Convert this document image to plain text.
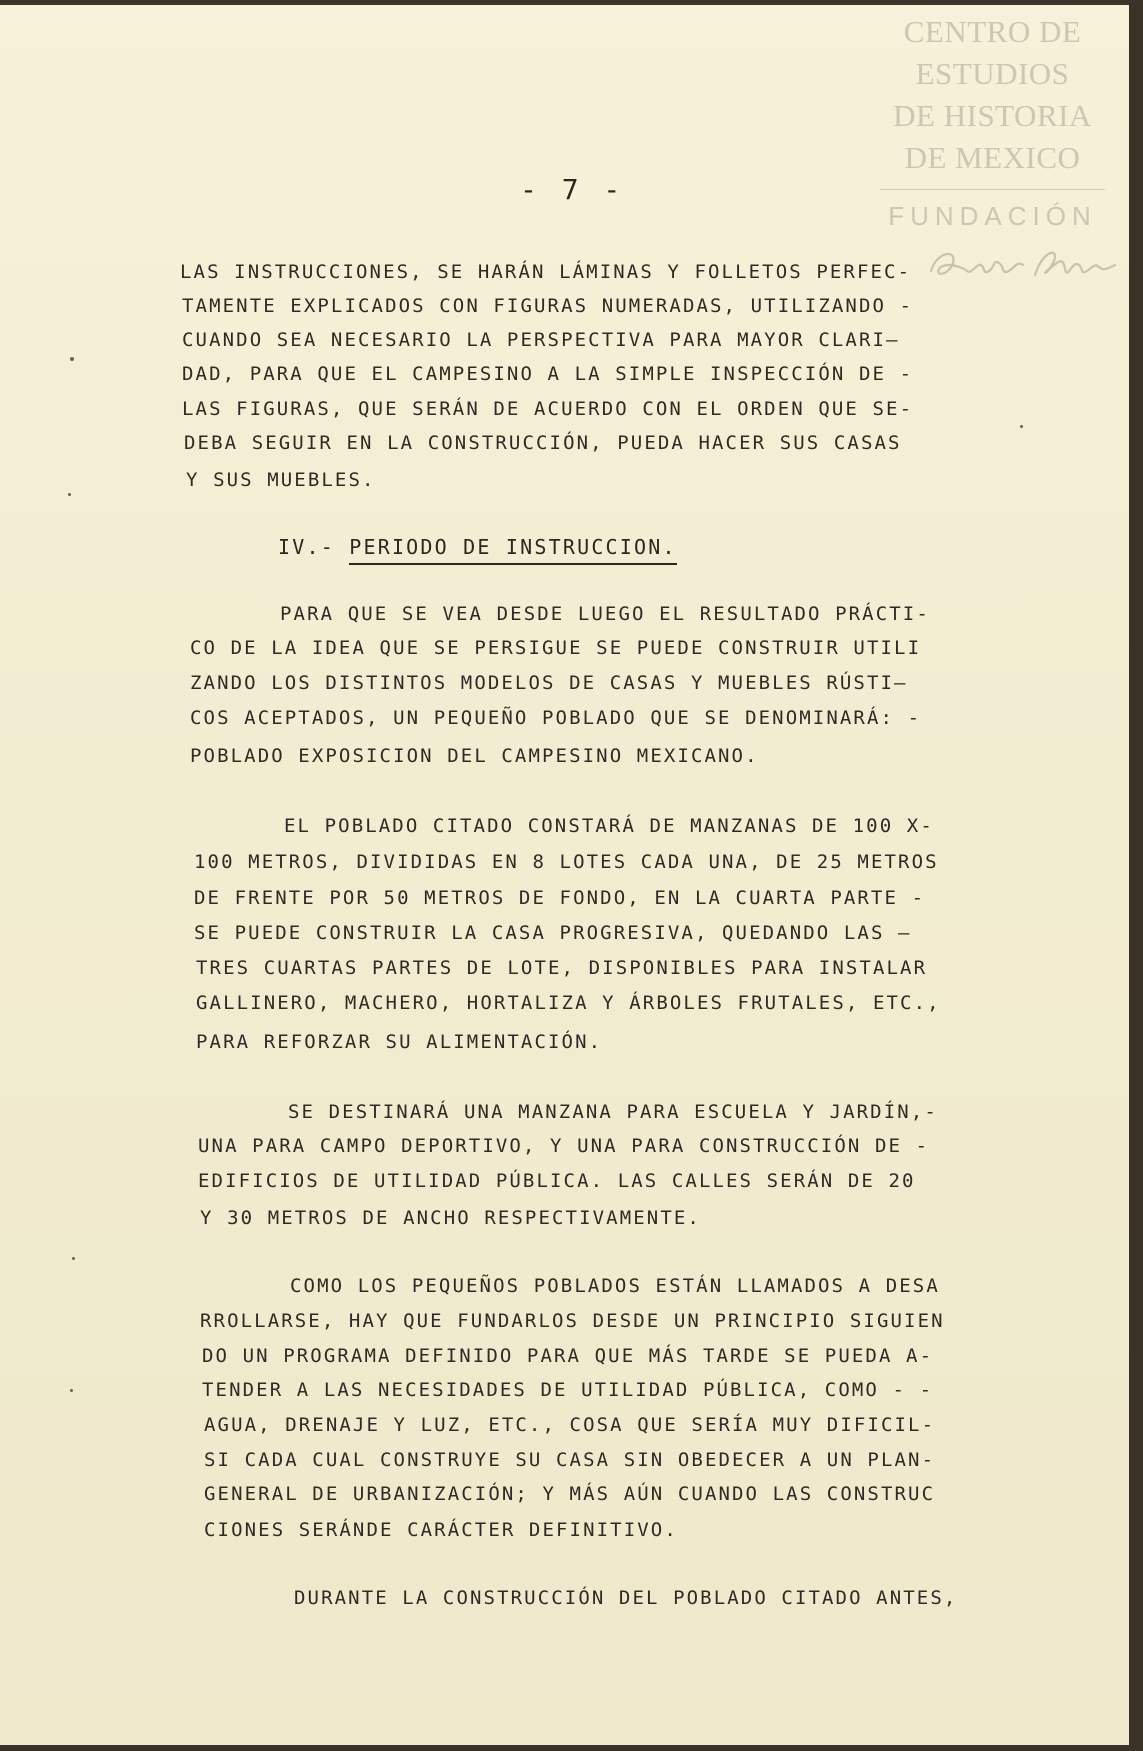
CENTRO DE
ESTUDIOS
DE HISTORIA
DE MEXICO
FUNDACIÓN
- 7 -
LAS INSTRUCCIONES, SE HARÁN LÁMINAS Y FOLLETOS PERFEC-
TAMENTE EXPLICADOS CON FIGURAS NUMERADAS, UTILIZANDO -
CUANDO SEA NECESARIO LA PERSPECTIVA PARA MAYOR CLARI—
DAD, PARA QUE EL CAMPESINO A LA SIMPLE INSPECCIÓN DE -
LAS FIGURAS, QUE SERÁN DE ACUERDO CON EL ORDEN QUE SE-
DEBA SEGUIR EN LA CONSTRUCCIÓN, PUEDA HACER SUS CASAS
Y SUS MUEBLES.
IV.- PERIODO DE INSTRUCCION.
PARA QUE SE VEA DESDE LUEGO EL RESULTADO PRÁCTI-
CO DE LA IDEA QUE SE PERSIGUE SE PUEDE CONSTRUIR UTILI
ZANDO LOS DISTINTOS MODELOS DE CASAS Y MUEBLES RÚSTI—
COS ACEPTADOS, UN PEQUEÑO POBLADO QUE SE DENOMINARÁ: -
POBLADO EXPOSICION DEL CAMPESINO MEXICANO.
EL POBLADO CITADO CONSTARÁ DE MANZANAS DE 100 X-
100 METROS, DIVIDIDAS EN 8 LOTES CADA UNA, DE 25 METROS
DE FRENTE POR 50 METROS DE FONDO, EN LA CUARTA PARTE -
SE PUEDE CONSTRUIR LA CASA PROGRESIVA, QUEDANDO LAS —
TRES CUARTAS PARTES DE LOTE, DISPONIBLES PARA INSTALAR
GALLINERO, MACHERO, HORTALIZA Y ÁRBOLES FRUTALES, ETC.,
PARA REFORZAR SU ALIMENTACIÓN.
SE DESTINARÁ UNA MANZANA PARA ESCUELA Y JARDÍN,-
UNA PARA CAMPO DEPORTIVO, Y UNA PARA CONSTRUCCIÓN DE -
EDIFICIOS DE UTILIDAD PÚBLICA. LAS CALLES SERÁN DE 20
Y 30 METROS DE ANCHO RESPECTIVAMENTE.
COMO LOS PEQUEÑOS POBLADOS ESTÁN LLAMADOS A DESA
RROLLARSE, HAY QUE FUNDARLOS DESDE UN PRINCIPIO SIGUIEN
DO UN PROGRAMA DEFINIDO PARA QUE MÁS TARDE SE PUEDA A-
TENDER A LAS NECESIDADES DE UTILIDAD PÚBLICA, COMO - -
AGUA, DRENAJE Y LUZ, ETC., COSA QUE SERÍA MUY DIFICIL-
SI CADA CUAL CONSTRUYE SU CASA SIN OBEDECER A UN PLAN-
GENERAL DE URBANIZACIÓN; Y MÁS AÚN CUANDO LAS CONSTRUC
CIONES SERÁNDE CARÁCTER DEFINITIVO.
DURANTE LA CONSTRUCCIÓN DEL POBLADO CITADO ANTES,
